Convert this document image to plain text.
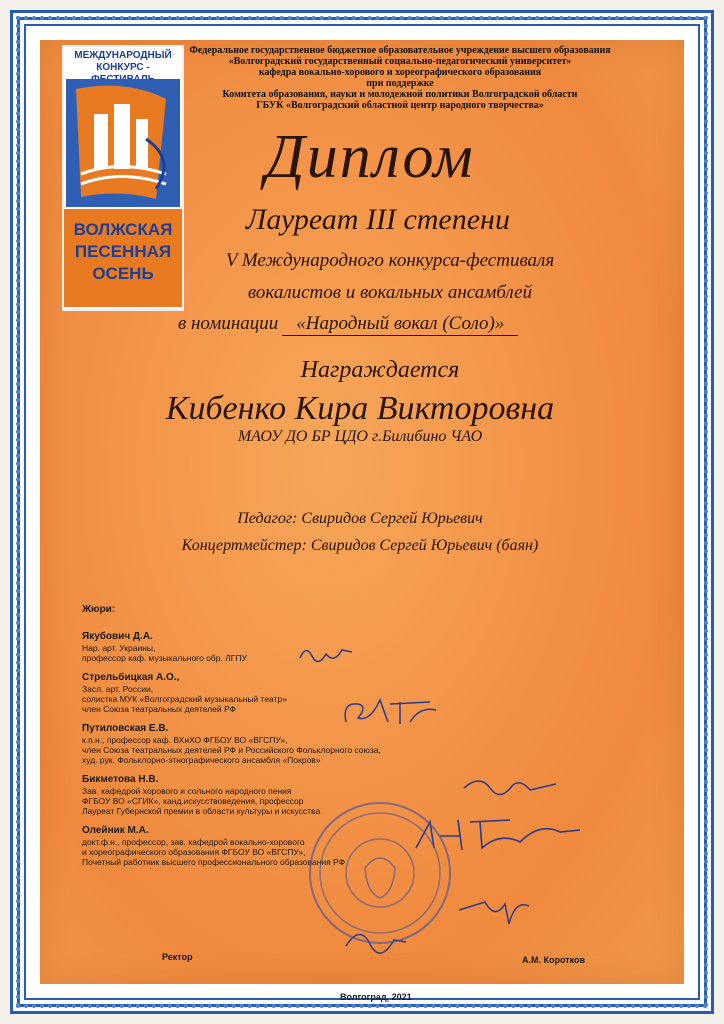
МЕЖДУНАРОДНЫЙ
КОНКУРС -
ВОЛЖСКАЯ
ПЕСЕННАЯ
ОСЕНЬ
Федеральное государственное бюджетное образовательное учреждение высшего образования
«Волгоградский государственный социально-педагогический университет»
кафедра вокально-хорового и хореографического образования
при поддержке
Комитета образования, науки и молодежной политики Волгоградской области
ГБУК «Волгоградский областной центр народного творчества»
Диплом
Лауреат III степени
V Международного конкурса-фестиваля
вокалистов и вокальных ансамблей
в номинации «Народный вокал (Соло)»
Награждается
Кибенко Кира Викторовна
МАОУ ДО БР ЦДО г.Билибино ЧАО
Педагог: Свиридов Сергей Юрьевич
Концертмейстер: Свиридов Сергей Юрьевич (баян)
Жюри:
Якубович Д.А.
Нар. арт. Украины,
профессор каф. музыкального обр. ЛГПУ
Стрельбицкая А.О.,
Засл. арт. России,
солистка МУК «Волгоградский музыкальный театр»
член Союза театральных деятелей РФ
Путиловская Е.В.
к.п.н., профессор каф. ВХиХО ФГБОУ ВО «ВГСПУ»,
член Союза театральных деятелей РФ и Российского Фольклорного союза,
худ. рук. Фольклорно-этнографического ансамбля «Покров»
Бикметова Н.В.
Зав. кафедрой хорового и сольного народного пения
ФГБОУ ВО «СГИК», канд.искусствоведения, профессор
Лауреат Губернской премии в области культуры и искусства
Олейник М.А.
докт.ф.н., профессор, зав. кафедрой вокально-хорового
и хореографического образования ФГБОУ ВО «ВГСПУ»,
Почетный работник высшего профессионального образования РФ
Ректор	А.М. Коротков
Волгоград, 2021
